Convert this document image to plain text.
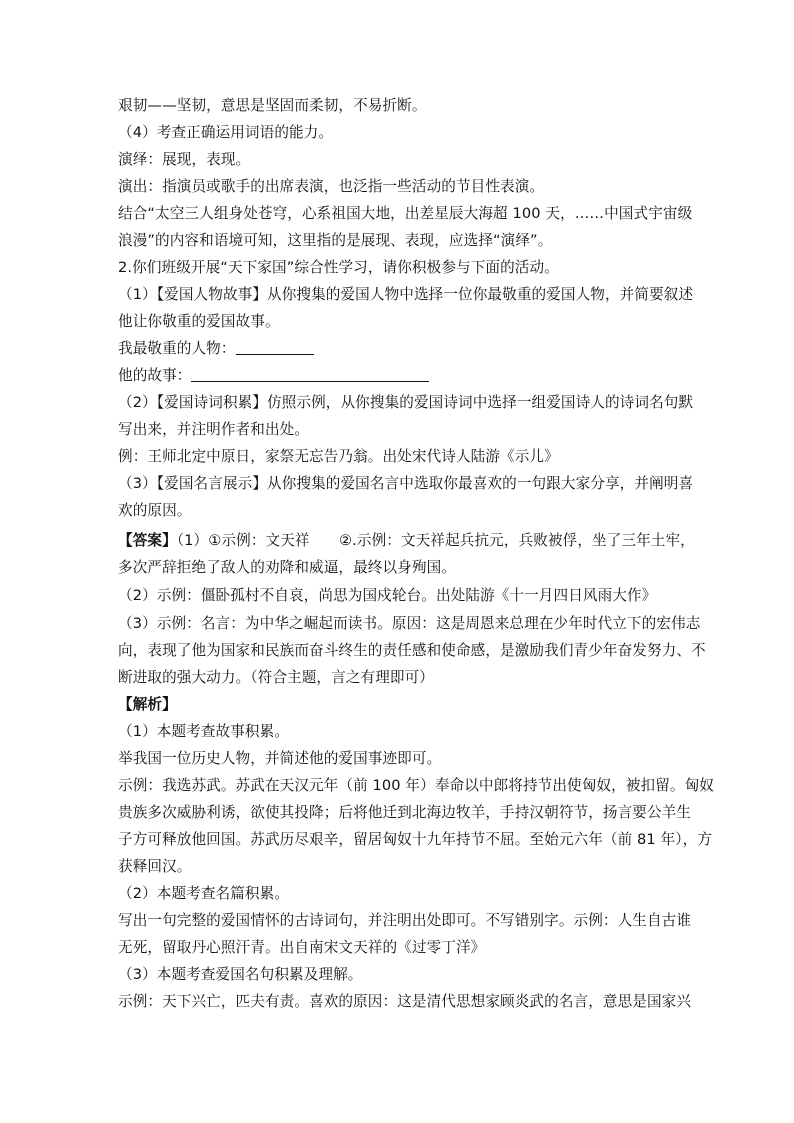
艰韧——坚韧，意思是坚固而柔韧，不易折断。
（4）考查正确运用词语的能力。
演绎：展现，表现。
演出：指演员或歌手的出席表演，也泛指一些活动的节目性表演。
结合“太空三人组身处苍穹，心系祖国大地，出差星辰大海超 100 天，……中国式宇宙级
浪漫”的内容和语境可知，这里指的是展现、表现，应选择“演绎”。
2.你们班级开展“天下家国”综合性学习，请你积极参与下面的活动。
（1）【爱国人物故事】从你搜集的爱国人物中选择一位你最敬重的爱国人物，并简要叙述
他让你敬重的爱国故事。
我最敬重的人物：
他的故事：
（2）【爱国诗词积累】仿照示例，从你搜集的爱国诗词中选择一组爱国诗人的诗词名句默
写出来，并注明作者和出处。
例：王师北定中原日，家祭无忘告乃翁。出处宋代诗人陆游《示儿》
（3）【爱国名言展示】从你搜集的爱国名言中选取你最喜欢的一句跟大家分享，并阐明喜
欢的原因。
【答案】（1）①示例：文天祥　　②.示例：文天祥起兵抗元，兵败被俘，坐了三年土牢，
多次严辞拒绝了敌人的劝降和威逼，最终以身殉国。
（2）示例：僵卧孤村不自哀，尚思为国戍轮台。出处陆游《十一月四日风雨大作》
（3）示例：名言：为中华之崛起而读书。原因：这是周恩来总理在少年时代立下的宏伟志
向，表现了他为国家和民族而奋斗终生的责任感和使命感，是激励我们青少年奋发努力、不
断进取的强大动力。（符合主题，言之有理即可）
【解析】
（1）本题考查故事积累。
举我国一位历史人物，并简述他的爱国事迹即可。
示例：我选苏武。苏武在天汉元年（前 100 年）奉命以中郎将持节出使匈奴，被扣留。匈奴
贵族多次威胁利诱，欲使其投降；后将他迁到北海边牧羊，手持汉朝符节，扬言要公羊生
子方可释放他回国。苏武历尽艰辛，留居匈奴十九年持节不屈。至始元六年（前 81 年），方
获释回汉。
（2）本题考查名篇积累。
写出一句完整的爱国情怀的古诗词句，并注明出处即可。不写错别字。示例：人生自古谁
无死，留取丹心照汗青。出自南宋文天祥的《过零丁洋》
（3）本题考查爱国名句积累及理解。
示例：天下兴亡，匹夫有责。喜欢的原因：这是清代思想家顾炎武的名言，意思是国家兴
